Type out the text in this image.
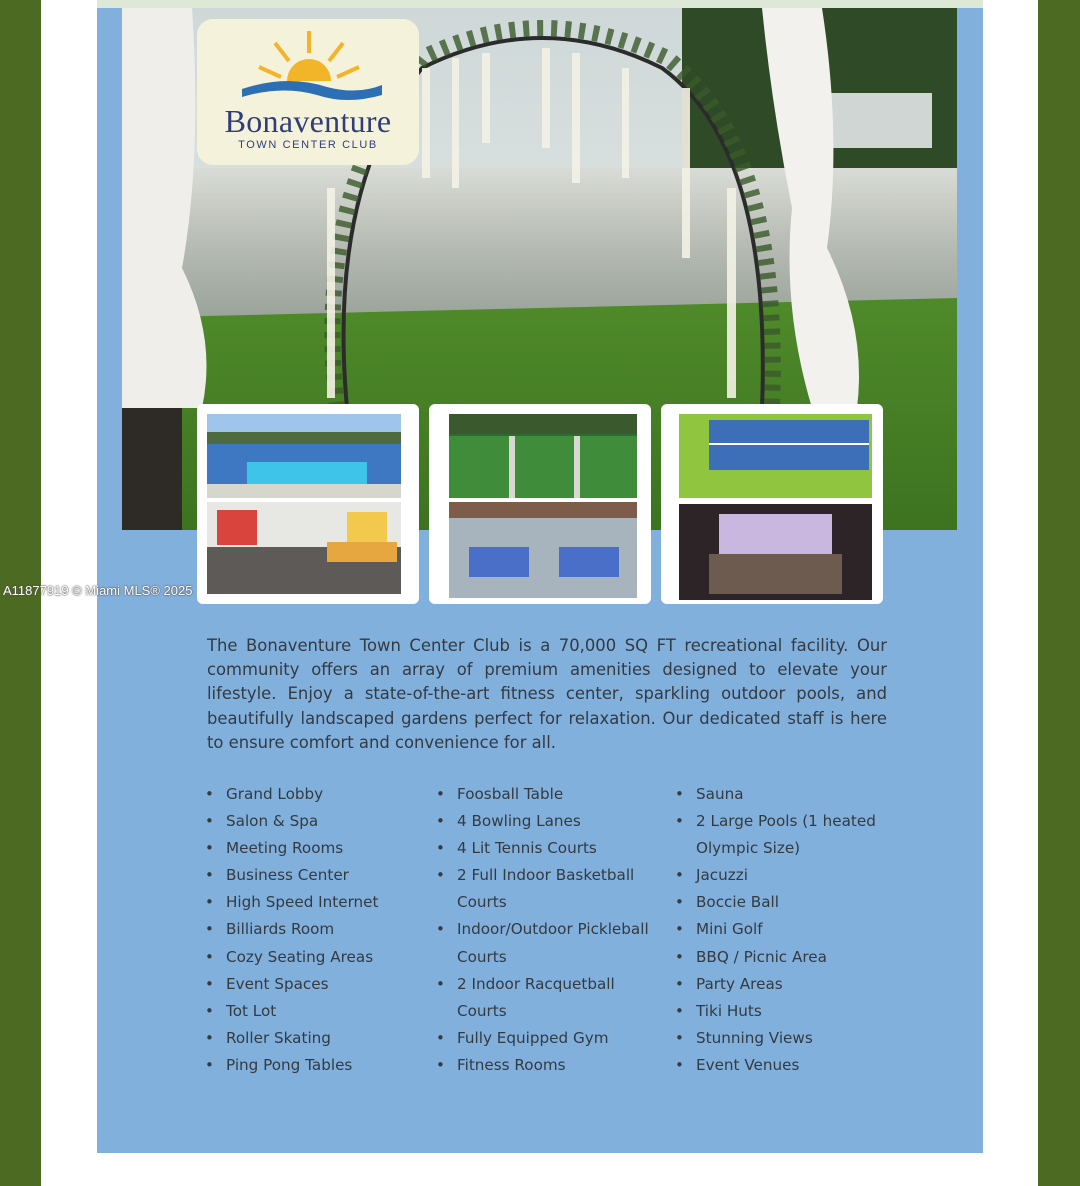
Bonaventure
TOWN CENTER CLUB
A11877919 © Miami MLS® 2025
The Bonaventure Town Center Club is a 70,000 SQ FT recreational facility. Our community offers an array of premium amenities designed to elevate your lifestyle. Enjoy a state-of-the-art fitness center, sparkling outdoor pools, and beautifully landscaped gardens perfect for relaxation. Our dedicated staff is here to ensure comfort and convenience for all.
• Grand Lobby
• Salon & Spa
• Meeting Rooms
• Business Center
• High Speed Internet
• Billiards Room
• Cozy Seating Areas
• Event Spaces
• Tot Lot
• Roller Skating
• Ping Pong Tables
• Foosball Table
• 4 Bowling Lanes
• 4 Lit Tennis Courts
• 2 Full Indoor Basketball Courts
• Indoor/Outdoor Pickleball Courts
• 2 Indoor Racquetball Courts
• Fully Equipped Gym
• Fitness Rooms
• Sauna
• 2 Large Pools (1 heated Olympic Size)
• Jacuzzi
• Boccie Ball
• Mini Golf
• BBQ / Picnic Area
• Party Areas
• Tiki Huts
• Stunning Views
• Event Venues
